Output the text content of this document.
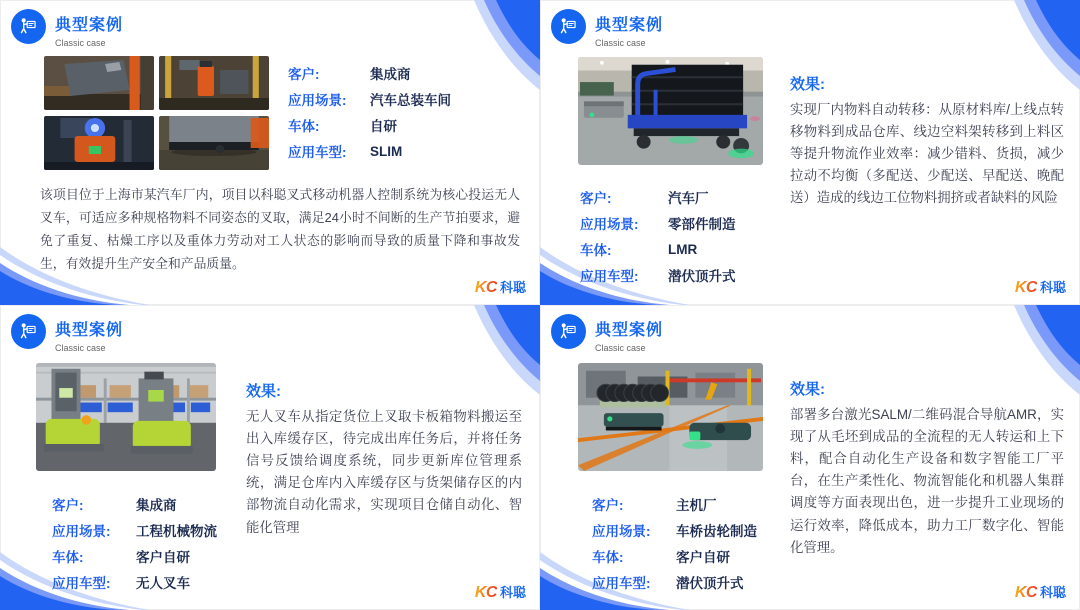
典型案例
Classic case
客户:	集成商
应用场景:	汽车总装车间
车体:	自研
应用车型:	SLIM

该项目位于上海市某汽车厂内，项目以科聪叉式移动机器人控制系统为核心投运无人叉车，可适应多种规格物料不同姿态的叉取，满足24小时不间断的生产节拍要求，避免了重复、枯燥工序以及重体力劳动对工人状态的影响而导致的质量下降和事故发生，有效提升生产安全和产品质量。

KC 科聪
典型案例
Classic case
效果:

实现厂内物料自动转移：从原材料库/上线点转移物料到成品仓库、线边空料架转移到上料区等提升物流作业效率：减少错料、货损，减少拉动不均衡（多配送、少配送、早配送、晚配送）造成的线边工位物料拥挤或者缺料的风险

客户:	汽车厂
应用场景:	零部件制造
车体:	LMR
应用车型:	潜伏顶升式
KC 科聪
典型案例
Classic case
效果:

无人叉车从指定货位上叉取卡板箱物料搬运至出入库缓存区，待完成出库任务后，并将任务信号反馈给调度系统，同步更新库位管理系统，满足仓库内入库缓存区与货架储存区的内部物流自动化需求，实现项目仓储自动化、智能化管理

客户:	集成商
应用场景:	工程机械物流
车体:	客户自研
应用车型:	无人叉车
KC 科聪
典型案例
Classic case
效果:

部署多台激光SALM/二维码混合导航AMR，实现了从毛坯到成品的全流程的无人转运和上下料，配合自动化生产设备和数字智能工厂平台，在生产柔性化、物流智能化和机器人集群调度等方面表现出色，进一步提升工业现场的运行效率，降低成本，助力工厂数字化、智能化管理。

客户:	主机厂
应用场景:	车桥齿轮制造
车体:	客户自研
应用车型:	潜伏顶升式
KC 科聪
